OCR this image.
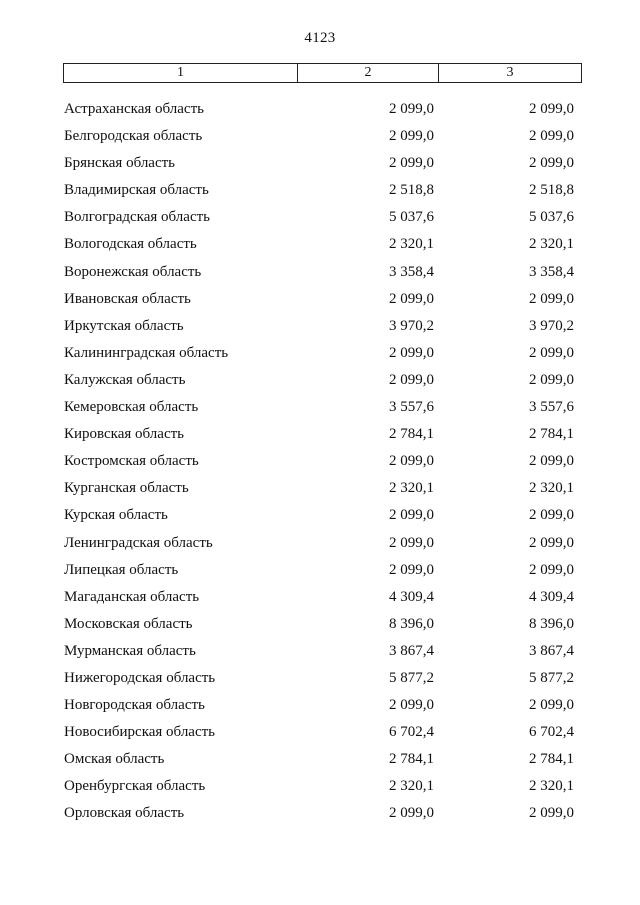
4123
1	2	3
Астраханская область	2 099,0	2 099,0
Белгородская область	2 099,0	2 099,0
Брянская область	2 099,0	2 099,0
Владимирская область	2 518,8	2 518,8
Волгоградская область	5 037,6	5 037,6
Вологодская область	2 320,1	2 320,1
Воронежская область	3 358,4	3 358,4
Ивановская область	2 099,0	2 099,0
Иркутская область	3 970,2	3 970,2
Калининградская область	2 099,0	2 099,0
Калужская область	2 099,0	2 099,0
Кемеровская область	3 557,6	3 557,6
Кировская область	2 784,1	2 784,1
Костромская область	2 099,0	2 099,0
Курганская область	2 320,1	2 320,1
Курская область	2 099,0	2 099,0
Ленинградская область	2 099,0	2 099,0
Липецкая область	2 099,0	2 099,0
Магаданская область	4 309,4	4 309,4
Московская область	8 396,0	8 396,0
Мурманская область	3 867,4	3 867,4
Нижегородская область	5 877,2	5 877,2
Новгородская область	2 099,0	2 099,0
Новосибирская область	6 702,4	6 702,4
Омская область	2 784,1	2 784,1
Оренбургская область	2 320,1	2 320,1
Орловская область	2 099,0	2 099,0
